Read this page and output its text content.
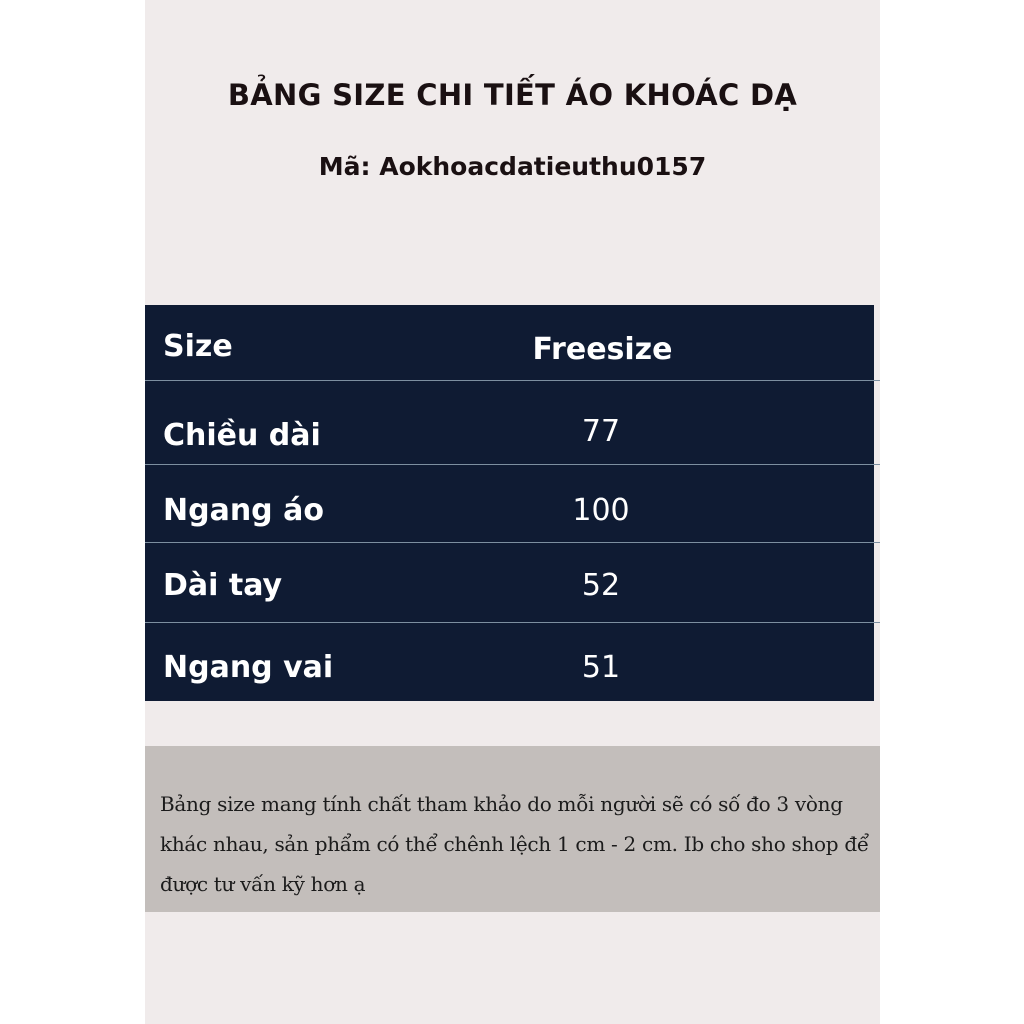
BẢNG SIZE CHI TIẾT ÁO KHOÁC DẠ
Mã: Aokhoacdatieuthu0157
Size	Freesize
Chiều dài	77
Ngang áo	100
Dài tay	52
Ngang vai	51

Bảng size mang tính chất tham khảo do mỗi người sẽ có số đo 3 vòng khác nhau, sản phẩm có thể chênh lệch 1 cm - 2 cm. Ib cho sho shop để được tư vấn kỹ hơn ạ
